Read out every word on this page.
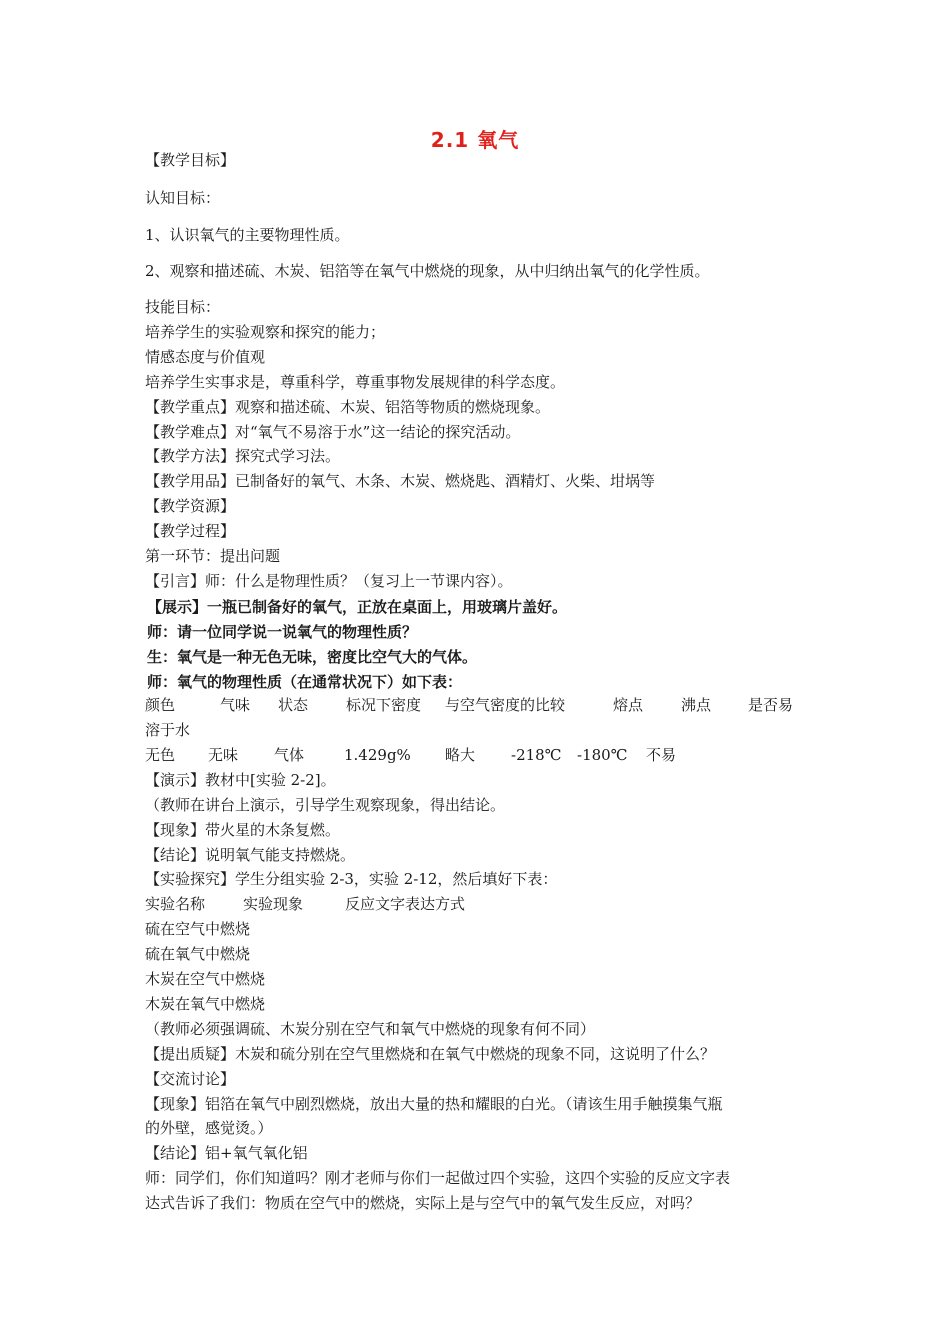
2.1 氧气
【教学目标】
认知目标：
1、认识氧气的主要物理性质。
2、观察和描述硫、木炭、铝箔等在氧气中燃烧的现象，从中归纳出氧气的化学性质。
技能目标：
培养学生的实验观察和探究的能力；
情感态度与价值观
培养学生实事求是，尊重科学，尊重事物发展规律的科学态度。
【教学重点】观察和描述硫、木炭、铝箔等物质的燃烧现象。
【教学难点】对“氧气不易溶于水”这一结论的探究活动。
【教学方法】探究式学习法。
【教学用品】已制备好的氧气、木条、木炭、燃烧匙、酒精灯、火柴、坩埚等
【教学资源】
【教学过程】
第一环节：提出问题
【引言】师：什么是物理性质？（复习上一节课内容）。
【展示】一瓶已制备好的氧气，正放在桌面上，用玻璃片盖好。
师：请一位同学说一说氧气的物理性质？
生：氧气是一种无色无味，密度比空气大的气体。
师：氧气的物理性质（在通常状况下）如下表：
颜色	气味 状态	标况下密度 与空气密度的比较	熔点	沸点 是否易
溶于水
无色 无味 气体	1.429g% 略大 -218℃ -180℃ 不易
【演示】教材中[实验 2-2]。
（教师在讲台上演示，引导学生观察现象，得出结论。
【现象】带火星的木条复燃。
【结论】说明氧气能支持燃烧。
【实验探究】学生分组实验 2-3，实验 2-12，然后填好下表：
实验名称	实验现象	反应文字表达方式
硫在空气中燃烧
硫在氧气中燃烧
木炭在空气中燃烧
木炭在氧气中燃烧
（教师必须强调硫、木炭分别在空气和氧气中燃烧的现象有何不同）
【提出质疑】木炭和硫分别在空气里燃烧和在氧气中燃烧的现象不同，这说明了什么？
【交流讨论】
【现象】铝箔在氧气中剧烈燃烧，放出大量的热和耀眼的白光。（请该生用手触摸集气瓶
的外壁，感觉烫。）
【结论】铝+氧气氧化铝
师：同学们，你们知道吗？刚才老师与你们一起做过四个实验，这四个实验的反应文字表
达式告诉了我们：物质在空气中的燃烧，实际上是与空气中的氧气发生反应，对吗？
